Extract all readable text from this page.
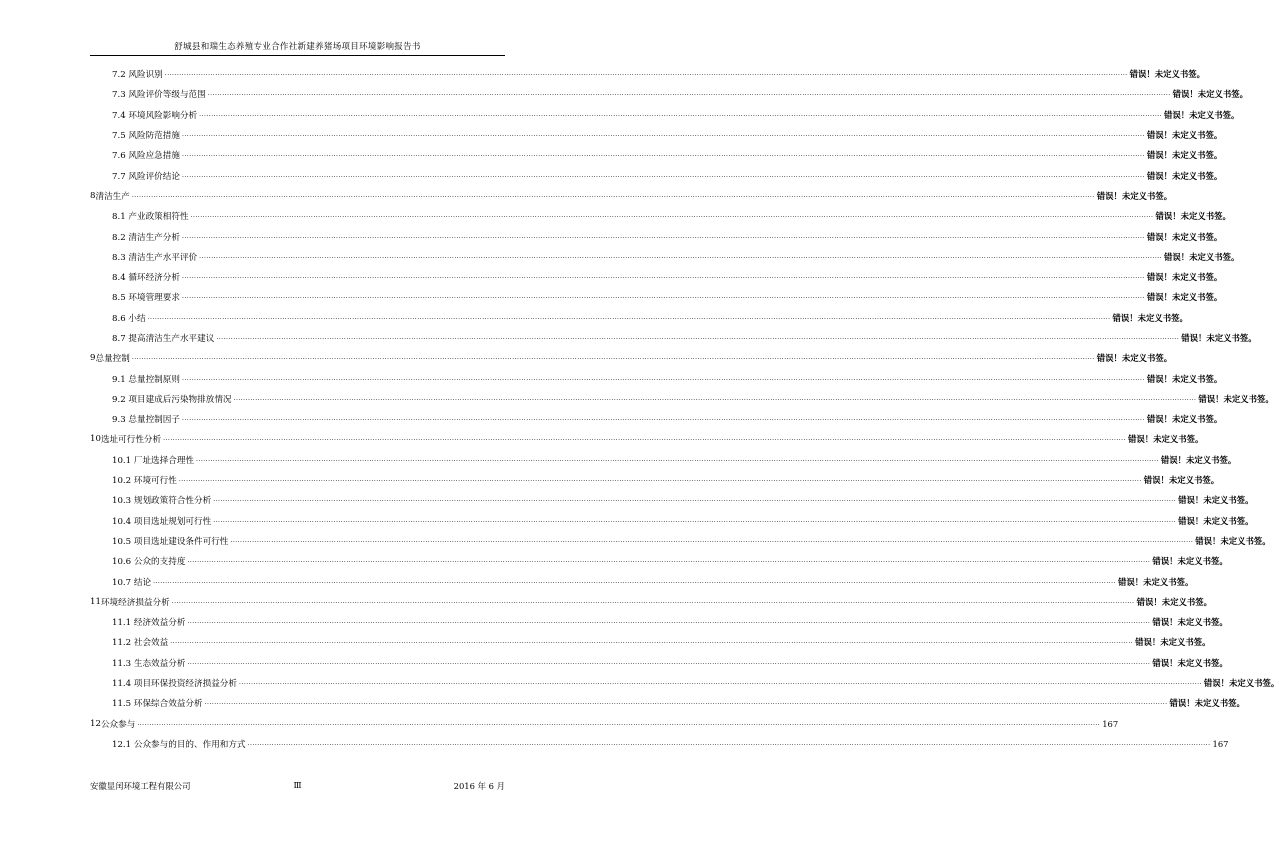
舒城县和瑞生态养殖专业合作社新建养猪场项目环境影响报告书
7.2 风险识别 ................................................................................................................................................................................................................................................................................................................................................................................................................ 错误！未定义书签。
7.3 风险评价等级与范围 ................................................................................................................................................................................................................................................................................................................................................................................................................ 错误！未定义书签。
7.4 环境风险影响分析 ................................................................................................................................................................................................................................................................................................................................................................................................................ 错误！未定义书签。
7.5 风险防范措施 ................................................................................................................................................................................................................................................................................................................................................................................................................ 错误！未定义书签。
7.6 风险应急措施 ................................................................................................................................................................................................................................................................................................................................................................................................................ 错误！未定义书签。
7.7 风险评价结论 ................................................................................................................................................................................................................................................................................................................................................................................................................ 错误！未定义书签。
8 清洁生产 ................................................................................................................................................................................................................................................................................................................................................................................................................ 错误！未定义书签。
8.1 产业政策相符性 ................................................................................................................................................................................................................................................................................................................................................................................................................ 错误！未定义书签。
8.2 清洁生产分析 ................................................................................................................................................................................................................................................................................................................................................................................................................ 错误！未定义书签。
8.3 清洁生产水平评价 ................................................................................................................................................................................................................................................................................................................................................................................................................ 错误！未定义书签。
8.4 循环经济分析 ................................................................................................................................................................................................................................................................................................................................................................................................................ 错误！未定义书签。
8.5 环境管理要求 ................................................................................................................................................................................................................................................................................................................................................................................................................ 错误！未定义书签。
8.6 小结 ................................................................................................................................................................................................................................................................................................................................................................................................................ 错误！未定义书签。
8.7 提高清洁生产水平建议 ................................................................................................................................................................................................................................................................................................................................................................................................................ 错误！未定义书签。
9 总量控制 ................................................................................................................................................................................................................................................................................................................................................................................................................ 错误！未定义书签。
9.1 总量控制原则 ................................................................................................................................................................................................................................................................................................................................................................................................................ 错误！未定义书签。
9.2 项目建成后污染物排放情况 ................................................................................................................................................................................................................................................................................................................................................................................................................ 错误！未定义书签。
9.3 总量控制因子 ................................................................................................................................................................................................................................................................................................................................................................................................................ 错误！未定义书签。
10 选址可行性分析 ................................................................................................................................................................................................................................................................................................................................................................................................................ 错误！未定义书签。
10.1 厂址选择合理性 ................................................................................................................................................................................................................................................................................................................................................................................................................ 错误！未定义书签。
10.2 环境可行性 ................................................................................................................................................................................................................................................................................................................................................................................................................ 错误！未定义书签。
10.3 规划政策符合性分析 ................................................................................................................................................................................................................................................................................................................................................................................................................ 错误！未定义书签。
10.4 项目选址规划可行性 ................................................................................................................................................................................................................................................................................................................................................................................................................ 错误！未定义书签。
10.5 项目选址建设条件可行性 ................................................................................................................................................................................................................................................................................................................................................................................................................ 错误！未定义书签。
10.6 公众的支持度 ................................................................................................................................................................................................................................................................................................................................................................................................................ 错误！未定义书签。
10.7 结论 ................................................................................................................................................................................................................................................................................................................................................................................................................ 错误！未定义书签。
11 环境经济损益分析 ................................................................................................................................................................................................................................................................................................................................................................................................................ 错误！未定义书签。
11.1 经济效益分析 ................................................................................................................................................................................................................................................................................................................................................................................................................ 错误！未定义书签。
11.2 社会效益 ................................................................................................................................................................................................................................................................................................................................................................................................................ 错误！未定义书签。
11.3 生态效益分析 ................................................................................................................................................................................................................................................................................................................................................................................................................ 错误！未定义书签。
11.4 项目环保投资经济损益分析 ................................................................................................................................................................................................................................................................................................................................................................................................................ 错误！未定义书签。
11.5 环保综合效益分析 ................................................................................................................................................................................................................................................................................................................................................................................................................ 错误！未定义书签。
12 公众参与 ................................................................................................................................................................................................................................................................................................................................................................................................................ 167
12.1 公众参与的目的、作用和方式 ................................................................................................................................................................................................................................................................................................................................................................................................................ 167
安徽显闰环境工程有限公司	Ⅲ	2016 年 6 月
